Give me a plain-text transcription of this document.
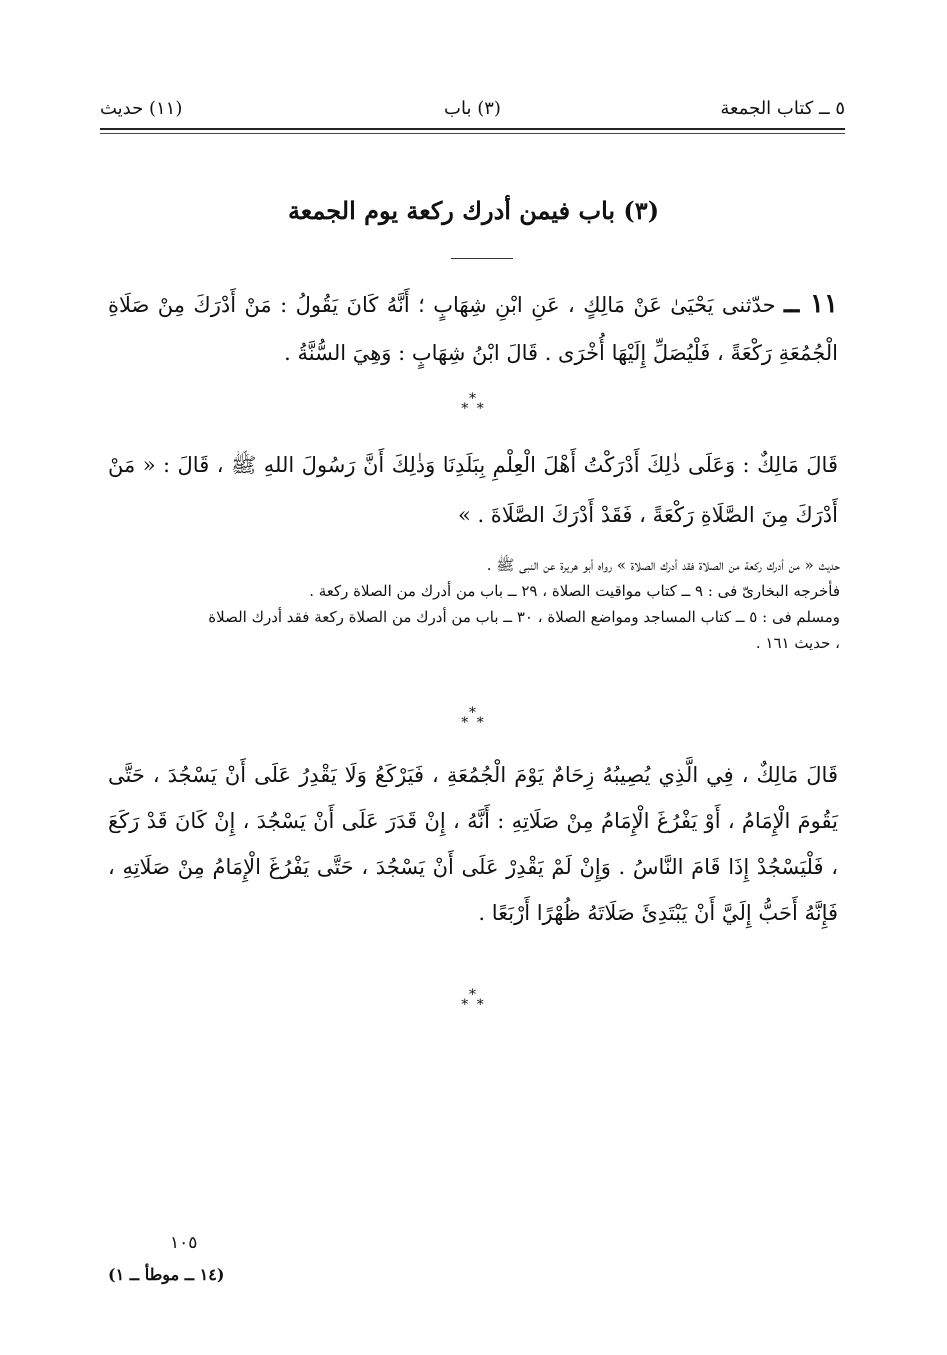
٥ ــ كتاب الجمعة
(٣) باب
(١١) حديث
(٣) باب فيمن أدرك ركعة يوم الجمعة
١١ ــ حدّثنى يَحْيَىٰ عَنْ مَالِكٍ ، عَنِ ابْنِ شِهَابٍ ؛ أَنَّهُ كَانَ يَقُولُ : مَنْ أَدْرَكَ مِنْ صَلَاةِ الْجُمُعَةِ رَكْعَةً ، فَلْيُصَلِّ إِلَيْهَا أُخْرَى . قَالَ ابْنُ شِهَابٍ : وَهِيَ السُّنَّةُ .
*
* *
قَالَ مَالِكٌ : وَعَلَى ذٰلِكَ أَدْرَكْتُ أَهْلَ الْعِلْمِ بِبَلَدِنَا وَذٰلِكَ أَنَّ رَسُولَ اللهِ ﷺ ، قَالَ : « مَنْ أَدْرَكَ مِنَ الصَّلَاةِ رَكْعَةً ، فَقَدْ أَدْرَكَ الصَّلَاةَ . »

حديث « من أدرك ركعة من الصلاة فقد أدرك الصلاة » رواه أبو هريرة عن النبى ﷺ .

فأخرجه البخارىّ فى : ٩ ــ كتاب مواقيت الصلاة ، ٢٩ ــ باب من أدرك من الصلاة ركعة .

ومسلم فى : ٥ ــ كتاب المساجد ومواضع الصلاة ، ٣٠ ــ باب من أدرك من الصلاة ركعة فقد أدرك الصلاة ، حديث ١٦١ .

*
* *
قَالَ مَالِكٌ ، فِي الَّذِي يُصِيبُهُ زِحَامٌ يَوْمَ الْجُمُعَةِ ، فَيَرْكَعُ وَلَا يَقْدِرُ عَلَى أَنْ يَسْجُدَ ، حَتَّى يَقُومَ الْإِمَامُ ، أَوْ يَفْرُغَ الْإِمَامُ مِنْ صَلَاتِهِ : أَنَّهُ ، إِنْ قَدَرَ عَلَى أَنْ يَسْجُدَ ، إِنْ كَانَ قَدْ رَكَعَ ، فَلْيَسْجُدْ إِذَا قَامَ النَّاسُ . وَإِنْ لَمْ يَقْدِرْ عَلَى أَنْ يَسْجُدَ ، حَتَّى يَفْرُغَ الْإِمَامُ مِنْ صَلَاتِهِ ، فَإِنَّهُ أَحَبُّ إِلَيَّ أَنْ يَبْتَدِئَ صَلَاتَهُ ظُهْرًا أَرْبَعًا .
*
* *
١٠٥
(١٤ ــ موطأ ــ ١)
